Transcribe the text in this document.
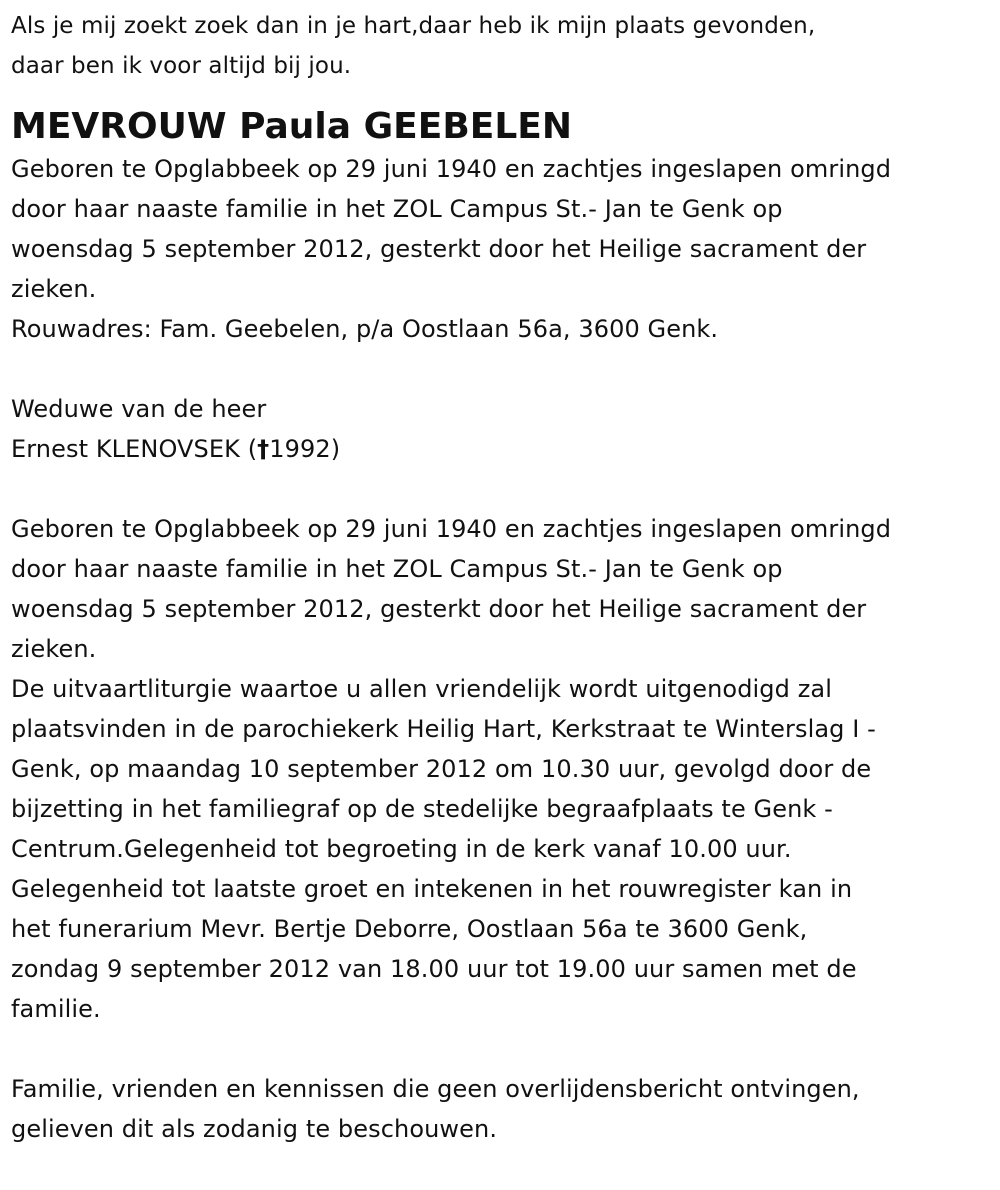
Als je mij zoekt zoek dan in je hart,daar heb ik mijn plaats gevonden,
daar ben ik voor altijd bij jou.
MEVROUW Paula GEEBELEN
Geboren te Opglabbeek op 29 juni 1940 en zachtjes ingeslapen omringd
door haar naaste familie in het ZOL Campus St.- Jan te Genk op
woensdag 5 september 2012, gesterkt door het Heilige sacrament der
zieken.
Rouwadres: Fam. Geebelen, p/a Oostlaan 56a, 3600 Genk.
Weduwe van de heer
Ernest KLENOVSEK (†1992)
Geboren te Opglabbeek op 29 juni 1940 en zachtjes ingeslapen omringd
door haar naaste familie in het ZOL Campus St.- Jan te Genk op
woensdag 5 september 2012, gesterkt door het Heilige sacrament der
zieken.
De uitvaartliturgie waartoe u allen vriendelijk wordt uitgenodigd zal
plaatsvinden in de parochiekerk Heilig Hart, Kerkstraat te Winterslag I -
Genk, op maandag 10 september 2012 om 10.30 uur, gevolgd door de
bijzetting in het familiegraf op de stedelijke begraafplaats te Genk -
Centrum.Gelegenheid tot begroeting in de kerk vanaf 10.00 uur.
Gelegenheid tot laatste groet en intekenen in het rouwregister kan in
het funerarium Mevr. Bertje Deborre, Oostlaan 56a te 3600 Genk,
zondag 9 september 2012 van 18.00 uur tot 19.00 uur samen met de
familie.
Familie, vrienden en kennissen die geen overlijdensbericht ontvingen,
gelieven dit als zodanig te beschouwen.
